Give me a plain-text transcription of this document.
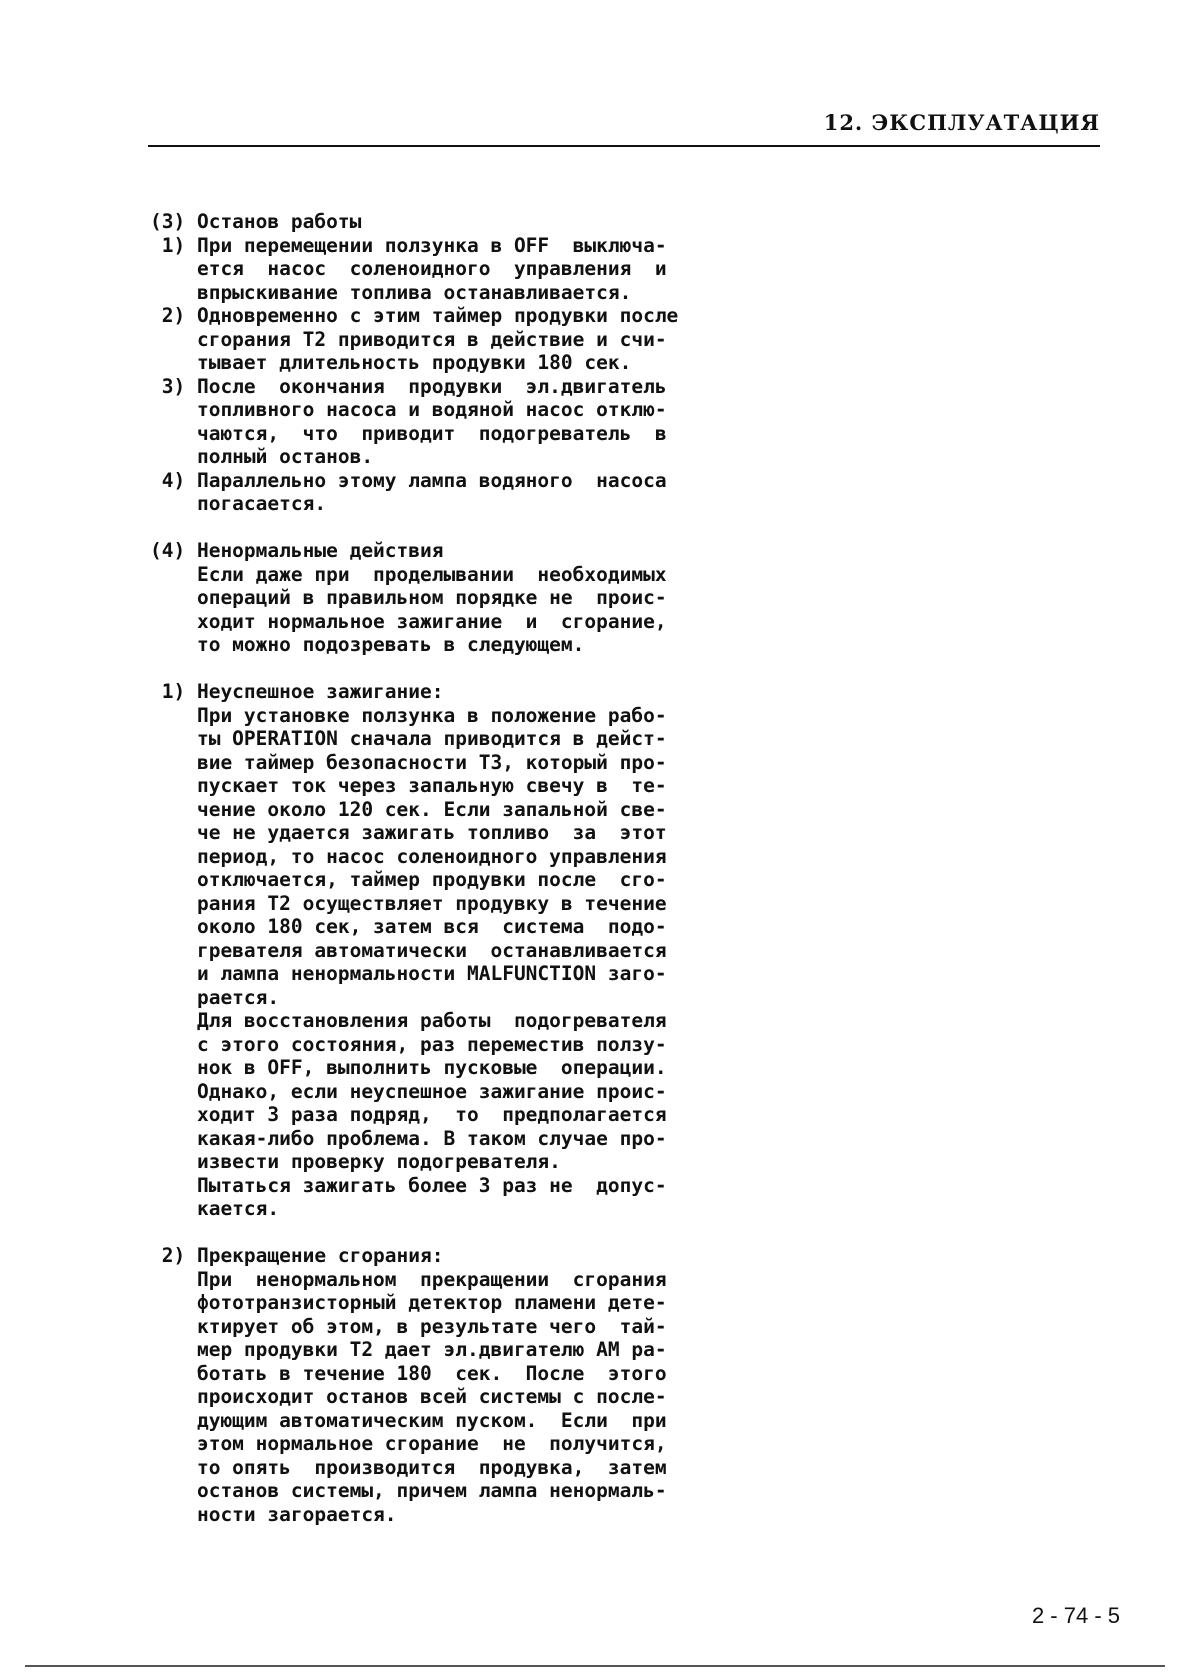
12. ЭКСПЛУАТАЦИЯ
(3) Останов работы
1) При перемещении ползунка в OFF  выключа-
ется  насос  соленоидного  управления  и
впрыскивание топлива останавливается.
2) Одновременно с этим таймер продувки после
сгорания T2 приводится в действие и счи-
тывает длительность продувки 180 сек.
3) После  окончания  продувки  эл.двигатель
топливного насоса и водяной насос отклю-
чаются,  что  приводит  подогреватель  в
полный останов.
4) Параллельно этому лампа водяного  насоса
погасается.
(4) Ненормальные действия
Если даже при  проделывании  необходимых
операций в правильном порядке не  проис-
ходит нормальное зажигание  и  сгорание,
то можно подозревать в следующем.
1) Неуспешное зажигание:
При установке ползунка в положение рабо-
ты OPERATION сначала приводится в дейст-
вие таймер безопасности T3, который про-
пускает ток через запальную свечу в  те-
чение около 120 сек. Если запальной све-
че не удается зажигать топливо  за  этот
период, то насос соленоидного управления
отключается, таймер продувки после  сго-
рания T2 осуществляет продувку в течение
около 180 сек, затем вся  система  подо-
гревателя автоматически  останавливается
и лампа ненормальности MALFUNCTION заго-
рается.
Для восстановления работы  подогревателя
с этого состояния, раз переместив ползу-
нок в OFF, выполнить пусковые  операции.
Однако, если неуспешное зажигание проис-
ходит 3 раза подряд,  то  предполагается
какая-либо проблема. В таком случае про-
извести проверку подогревателя.
Пытаться зажигать более 3 раз не  допус-
кается.
2) Прекращение сгорания:
При  ненормальном  прекращении  сгорания
фототранзисторный детектор пламени дете-
ктирует об этом, в результате чего  тай-
мер продувки T2 дает эл.двигателю AM ра-
ботать в течение 180  сек.  После  этого
происходит останов всей системы с после-
дующим автоматическим пуском.  Если  при
этом нормальное сгорание  не  получится,
то опять  производится  продувка,  затем
останов системы, причем лампа ненормаль-
ности загорается.
2 - 74 - 5
